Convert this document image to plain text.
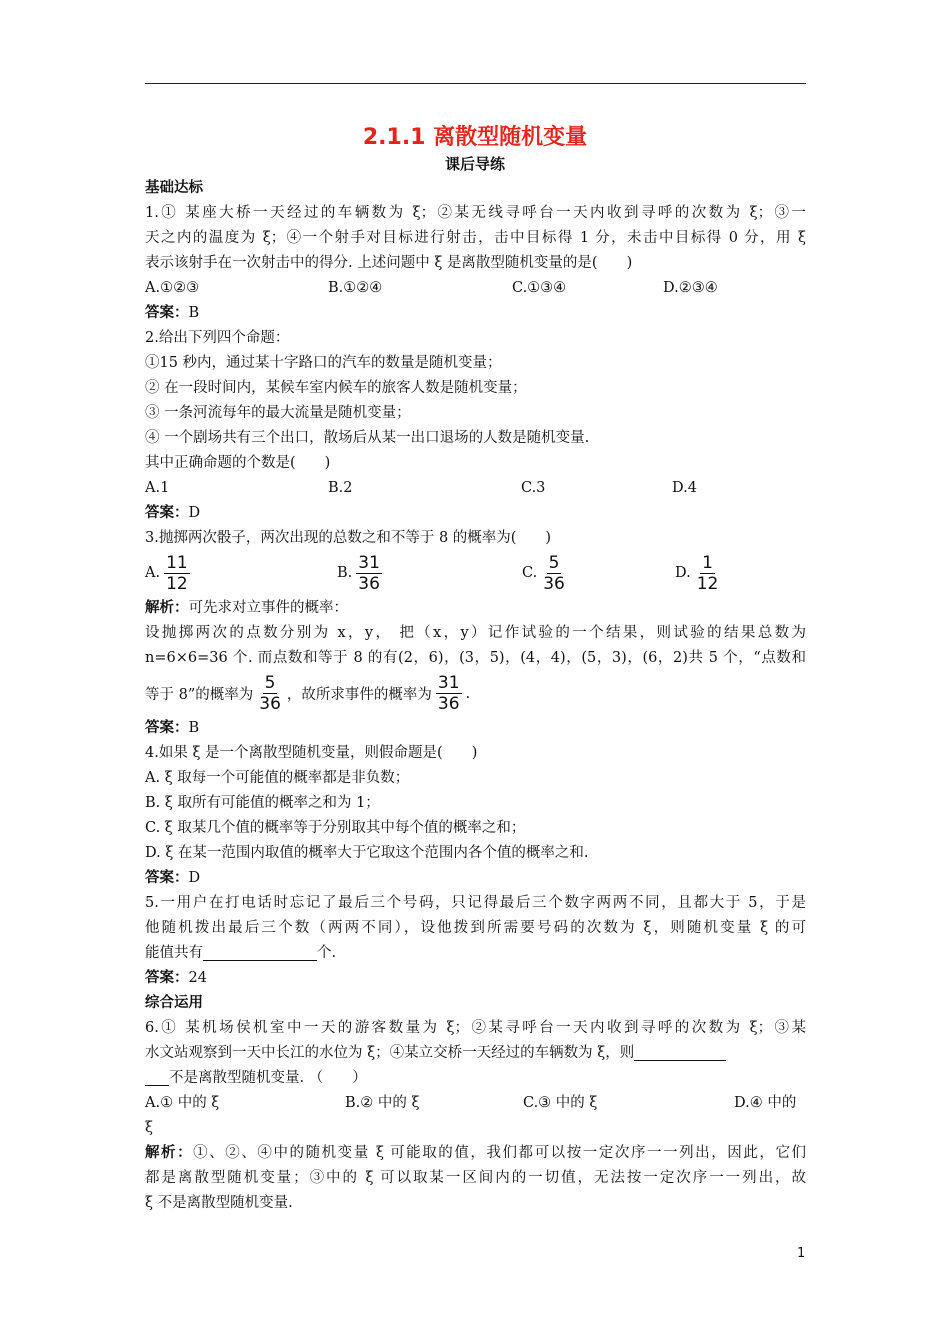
2.1.1 离散型随机变量
课后导练
基础达标
1.① 某座大桥一天经过的车辆数为 ξ；②某无线寻呼台一天内收到寻呼的次数为 ξ；③一
天之内的温度为 ξ；④一个射手对目标进行射击，击中目标得 1 分，未击中目标得 0 分，用 ξ
表示该射手在一次射击中的得分. 上述问题中 ξ 是离散型随机变量的是(　　)
A.①②③	B.①②④	C.①③④	D.②③④
答案：B
2.给出下列四个命题：
①15 秒内，通过某十字路口的汽车的数量是随机变量；
② 在一段时间内，某候车室内候车的旅客人数是随机变量；
③ 一条河流每年的最大流量是随机变量；
④ 一个剧场共有三个出口，散场后从某一出口退场的人数是随机变量.
其中正确命题的个数是(　　)
A.1	B.2	C.3	D.4
答案：D
3.抛掷两次骰子，两次出现的总数之和不等于 8 的概率为(　　)
A. $\frac{11}{12}$	B. $\frac{31}{36}$	C. $\frac{5}{36}$	D. $\frac{1}{12}$
解析：可先求对立事件的概率：
设抛掷两次的点数分别为 x，y， 把（x，y）记作试验的一个结果，则试验的结果总数为
n=6×6=36 个. 而点数和等于 8 的有(2，6)，(3，5)，(4，4)，(5，3)，(6，2)共 5 个，“点数和
等于 8”的概率为 $\frac{5}{36}$ ，故所求事件的概率为 $\frac{31}{36}$ .
答案：B
4.如果 ξ 是一个离散型随机变量，则假命题是(　　)
A. ξ 取每一个可能值的概率都是非负数；
B. ξ 取所有可能值的概率之和为 1；
C. ξ 取某几个值的概率等于分别取其中每个值的概率之和；
D. ξ 在某一范围内取值的概率大于它取这个范围内各个值的概率之和.
答案：D
5.一用户在打电话时忘记了最后三个号码，只记得最后三个数字两两不同，且都大于 5，于是
他随机拨出最后三个数（两两不同），设他拨到所需要号码的次数为 ξ，则随机变量 ξ 的可
能值共有	个.
答案：24
综合运用
6.① 某机场侯机室中一天的游客数量为 ξ；②某寻呼台一天内收到寻呼的次数为 ξ；③某
水文站观察到一天中长江的水位为 ξ；④某立交桥一天经过的车辆数为 ξ，则
不是离散型随机变量. （　　）
A.① 中的 ξ	B.② 中的 ξ	C.③ 中的 ξ	D.④ 中的
ξ
解析：①、②、④中的随机变量 ξ 可能取的值，我们都可以按一定次序一一列出，因此，它们
都是离散型随机变量；③中的 ξ 可以取某一区间内的一切值，无法按一定次序一一列出，故
ξ 不是离散型随机变量.
1
